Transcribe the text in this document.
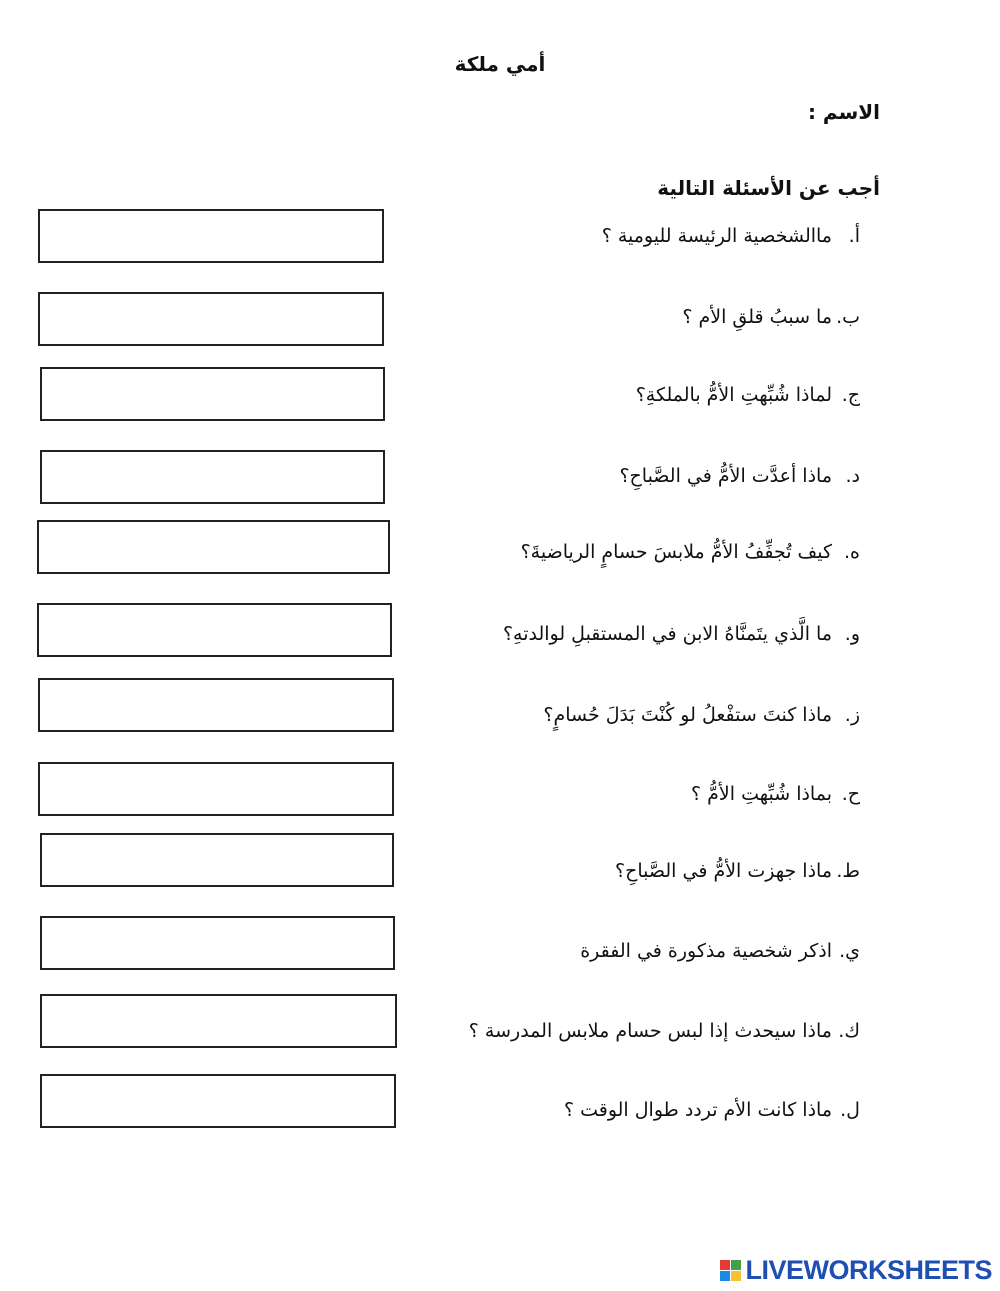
أمي ملكة
الاسم :
أجب عن الأسئلة التالية
أ.
ماالشخصية الرئيسة لليومية ؟
ب.
ما سببُ قلقِ الأم ؟
ج.
لماذا شُبِّهتِ الأمُّ بالملكةِ؟
د.
ماذا أعدَّت الأمُّ في الصَّباحِ؟
ه.
كيف تُجفِّفُ الأمُّ ملابسَ حسامٍ الرياضيةَ؟
و.
ما الَّذي يتَمنَّاهُ الابن في المستقبلِ لوالدتهِ؟
ز.
ماذا كنتَ ستفْعلُ لو كُنْتَ بَدَلَ حُسامٍ؟
ح.
بماذا شُبِّهتِ الأمُّ ؟
ط.
ماذا جهزت الأمُّ في الصَّباحِ؟
ي.
اذكر شخصية مذكورة في الفقرة
ك.
ماذا سيحدث إذا لبس حسام ملابس المدرسة ؟
ل.
ماذا كانت الأم تردد طوال الوقت ؟
LIVEWORKSHEETS
